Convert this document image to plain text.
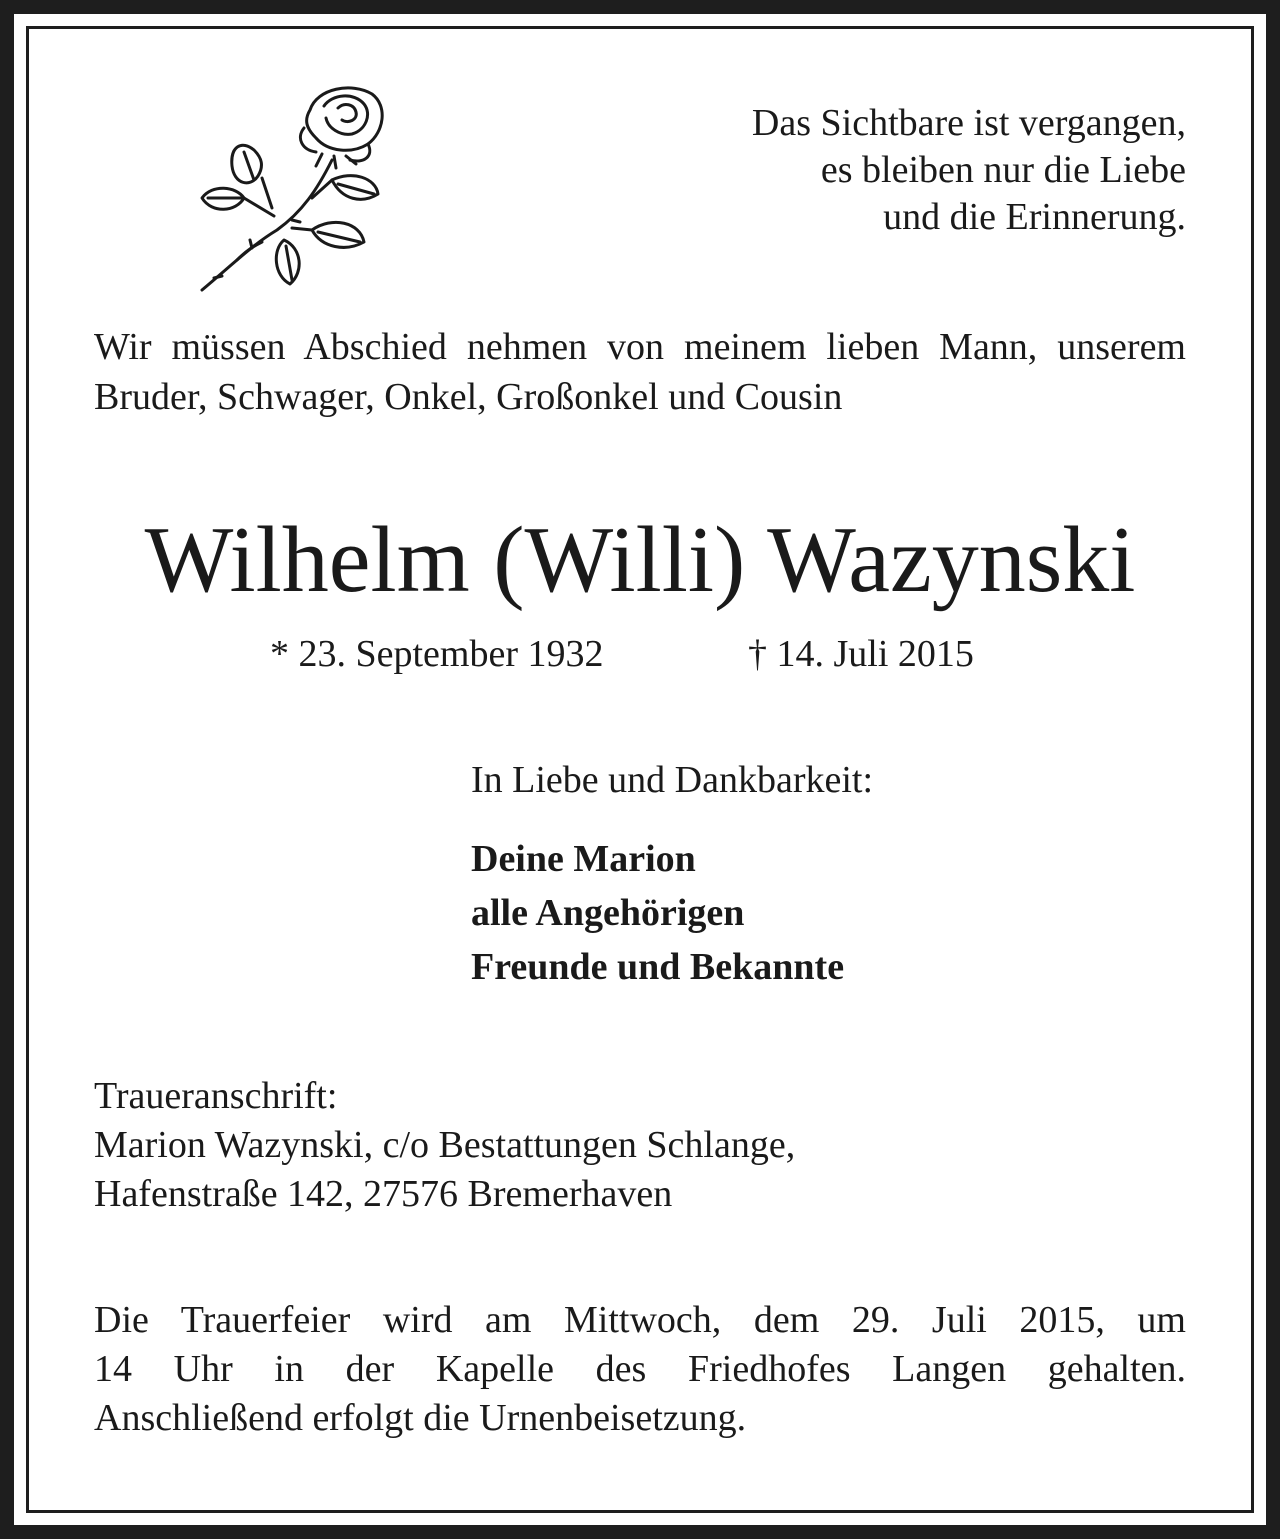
Das Sichtbare ist vergangen,
es bleiben nur die Liebe
und die Erinnerung.

Wir müssen Abschied nehmen von meinem lieben Mann, unserem Bruder, Schwager, Onkel, Großonkel und Cousin

Wilhelm (Willi) Wazynski
* 23. September 1932	† 14. Juli 2015
In Liebe und Dankbarkeit:
Deine Marion
alle Angehörigen
Freunde und Bekannte
Traueranschrift:
Marion Wazynski, c/o Bestattungen Schlange,
Hafenstraße 142, 27576 Bremerhaven
Die Trauerfeier wird am Mittwoch, dem 29. Juli 2015, um
14 Uhr in der Kapelle des Friedhofes Langen gehalten.
Anschließend erfolgt die Urnenbeisetzung.
